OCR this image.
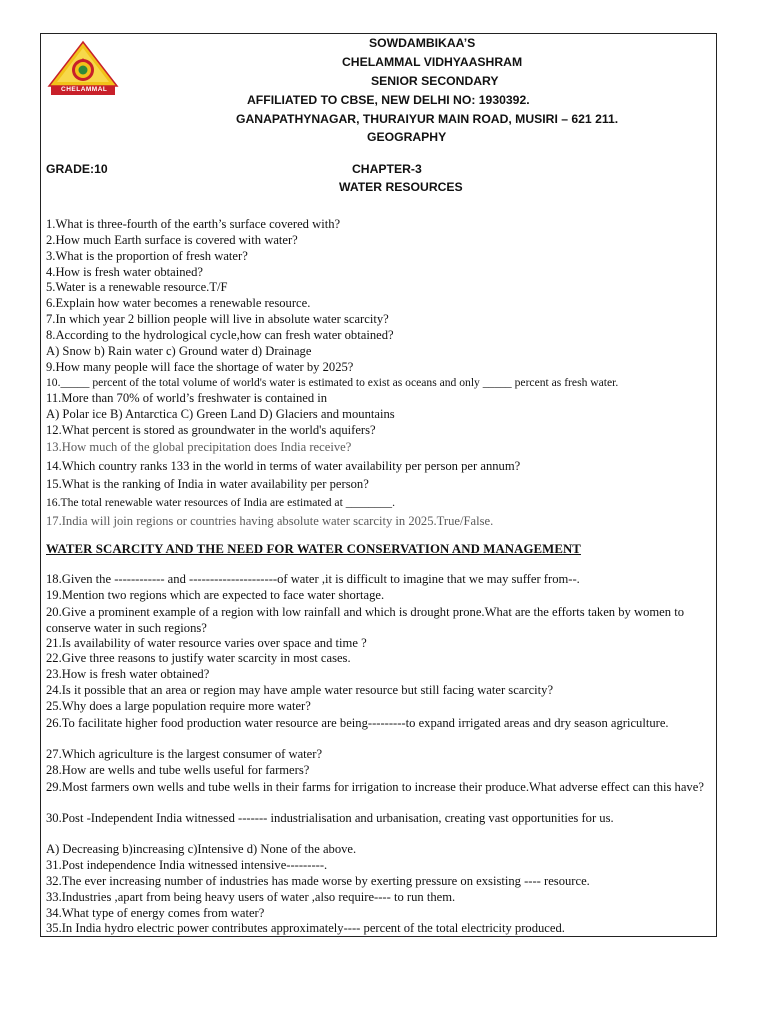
CHELAMMAL
SOWDAMBIKAA’S
CHELAMMAL VIDHYAASHRAM
SENIOR SECONDARY
AFFILIATED TO CBSE, NEW DELHI NO: 1930392.
GANAPATHYNAGAR, THURAIYUR MAIN ROAD, MUSIRI – 621 211.
GEOGRAPHY
GRADE:10	CHAPTER-3
WATER RESOURCES
1.What is three-fourth of the earth’s surface covered with?
2.How much Earth surface is covered with water?
3.What is the proportion of fresh water?
4.How is fresh water obtained?
5.Water is a renewable resource.T/F
6.Explain how water becomes a renewable resource.
7.In which year 2 billion people will live in absolute water scarcity?
8.According to the hydrological cycle,how can fresh water obtained?
A) Snow b) Rain water c) Ground water d) Drainage
9.How many people will face the shortage of water by 2025?
10._____ percent of the total volume of world's water is estimated to exist as oceans and only _____ percent as fresh water.
11.More than 70% of world’s freshwater is contained in
A) Polar ice B) Antarctica C) Green Land D) Glaciers and mountains
12.What percent is stored as groundwater in the world's aquifers?
13.How much of the global precipitation does India receive?
14.Which country ranks 133 in the world in terms of water availability per person per annum?
15.What is the ranking of India in water availability per person?
16.The total renewable water resources of India are estimated at ________.
17.India will join regions or countries having absolute water scarcity in 2025.True/False.
WATER SCARCITY AND THE NEED FOR WATER CONSERVATION AND MANAGEMENT
18.Given the ------------ and ---------------------of water ,it is difficult to imagine that we may suffer from--.
19.Mention two regions which are expected to face water shortage.
20.Give a prominent example of a region with low rainfall and which is drought prone.What are the efforts taken by women to conserve water in such regions?
21.Is availability of water resource varies over space and time ?
22.Give three reasons to justify water scarcity in most cases.
23.How is fresh water obtained?
24.Is it possible that an area or region may have ample water resource but still facing water scarcity?
25.Why does a large population require more water?
26.To facilitate higher food production water resource are being---------to expand irrigated areas and dry season agriculture.
27.Which agriculture is the largest consumer of water?
28.How are wells and tube wells useful for farmers?
29.Most farmers own wells and tube wells in their farms for irrigation to increase their produce.What adverse effect can this have?
30.Post -Independent India witnessed ------- industrialisation and urbanisation, creating vast opportunities for us.
A) Decreasing b)increasing c)Intensive d) None of the above.
31.Post independence India witnessed intensive---------.
32.The ever increasing number of industries has made worse by exerting pressure on exsisting ---- resource.
33.Industries ,apart from being heavy users of water ,also require---- to run them.
34.What type of energy comes from water?
35.In India hydro electric power contributes approximately---- percent of the total electricity produced.
